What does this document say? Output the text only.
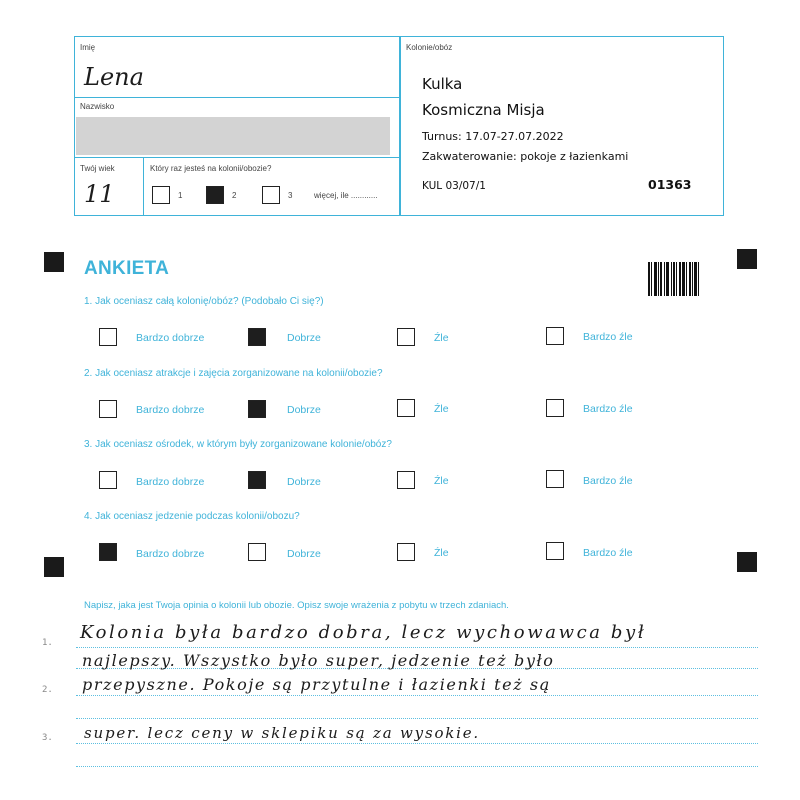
Imię
Lena
Nazwisko
Twój wiek
11
Który raz jesteś na kolonii/obozie?
1	2	3	więcej, ile ............
Kolonie/obóz
Kulka
Kosmiczna Misja
Turnus: 17.07-27.07.2022
Zakwaterowanie: pokoje z łazienkami
KUL 03/07/1	01363
ANKIETA
1. Jak oceniasz całą kolonię/obóz? (Podobało Ci się?)
Bardzo dobrze	Dobrze	Źle	Bardzo źle
2. Jak oceniasz atrakcje i zajęcia zorganizowane na kolonii/obozie?
Bardzo dobrze	Dobrze	Źle	Bardzo źle
3. Jak oceniasz ośrodek, w którym były zorganizowane kolonie/obóz?
Bardzo dobrze	Dobrze	Źle	Bardzo źle
4. Jak oceniasz jedzenie podczas kolonii/obozu?
Bardzo dobrze	Dobrze	Źle	Bardzo źle
Napisz, jaka jest Twoja opinia o kolonii lub obozie. Opisz swoje wrażenia z pobytu w trzech zdaniach.
1.
2.
3.
Kolonia była bardzo dobra, lecz wychowawca był
najlepszy. Wszystko było super, jedzenie też było
przepyszne. Pokoje są przytulne i łazienki też są
super. lecz ceny w sklepiku są za wysokie.
